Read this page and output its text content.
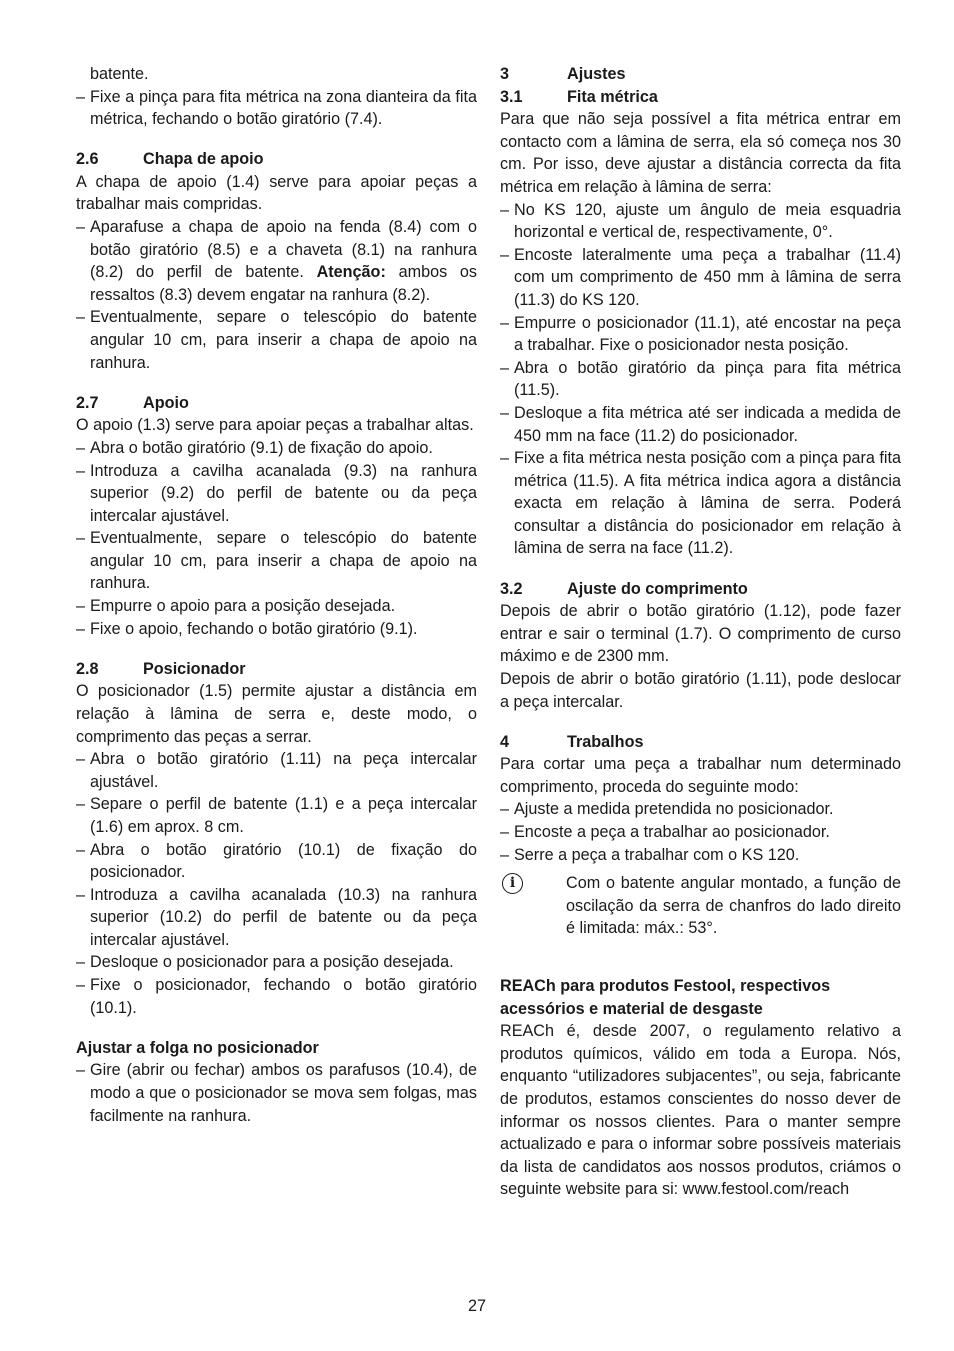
batente.

– Fixe a pinça para fita métrica na zona dianteira da fita métrica, fechando o botão giratório (7.4).
2.6	Chapa de apoio

A chapa de apoio (1.4) serve para apoiar peças a trabalhar mais compridas.

– Aparafuse a chapa de apoio na fenda (8.4) com o botão giratório (8.5) e a chaveta (8.1) na ranhura (8.2) do perfil de batente. Atenção: ambos os ressaltos (8.3) devem engatar na ranhura (8.2).
– Eventualmente, separe o telescópio do batente angular 10 cm, para inserir a chapa de apoio na ranhura.
2.7	Apoio

O apoio (1.3) serve para apoiar peças a trabalhar altas.

– Abra o botão giratório (9.1) de fixação do apoio.
– Introduza a cavilha acanalada (9.3) na ranhura superior (9.2) do perfil de batente ou da peça intercalar ajustável.
– Eventualmente, separe o telescópio do batente angular 10 cm, para inserir a chapa de apoio na ranhura.
– Empurre o apoio para a posição desejada.
– Fixe o apoio, fechando o botão giratório (9.1).
2.8	Posicionador

O posicionador (1.5) permite ajustar a distância em relação à lâmina de serra e, deste modo, o comprimento das peças a serrar.

– Abra o botão giratório (1.11) na peça intercalar ajustável.
– Separe o perfil de batente (1.1) e a peça intercalar (1.6) em aprox. 8 cm.
– Abra o botão giratório (10.1) de fixação do posicionador.
– Introduza a cavilha acanalada (10.3) na ranhura superior (10.2) do perfil de batente ou da peça intercalar ajustável.
– Desloque o posicionador para a posição desejada.
– Fixe o posicionador, fechando o botão giratório (10.1).
Ajustar a folga no posicionador
– Gire (abrir ou fechar) ambos os parafusos (10.4), de modo a que o posicionador se mova sem folgas, mas facilmente na ranhura.
3	Ajustes
3.1	Fita métrica

Para que não seja possível a fita métrica entrar em contacto com a lâmina de serra, ela só começa nos 30 cm. Por isso, deve ajustar a distância correcta da fita métrica em relação à lâmina de serra:

– No KS 120, ajuste um ângulo de meia esquadria horizontal e vertical de, respectivamente, 0°.
– Encoste lateralmente uma peça a trabalhar (11.4) com um comprimento de 450 mm à lâmina de serra (11.3) do KS 120.
– Empurre o posicionador (11.1), até encostar na peça a trabalhar. Fixe o posicionador nesta posição.
– Abra o botão giratório da pinça para fita métrica (11.5).
– Desloque a fita métrica até ser indicada a medida de 450 mm na face (11.2) do posicionador.
– Fixe a fita métrica nesta posição com a pinça para fita métrica (11.5). A fita métrica indica agora a distância exacta em relação à lâmina de serra. Poderá consultar a distância do posicionador em relação à lâmina de serra na face (11.2).
3.2	Ajuste do comprimento

Depois de abrir o botão giratório (1.12), pode fazer entrar e sair o terminal (1.7). O comprimento de curso máximo e de 2300 mm.

Depois de abrir o botão giratório (1.11), pode deslocar a peça intercalar.

4	Trabalhos

Para cortar uma peça a trabalhar num determinado comprimento, proceda do seguinte modo:

– Ajuste a medida pretendida no posicionador.
– Encoste a peça a trabalhar ao posicionador.
– Serre a peça a trabalhar com o KS 120.
i	Com o batente angular montado, a função de oscilação da serra de chanfros do lado direito é limitada: máx.: 53°.
REACh para produtos Festool, respectivos acessórios e material de desgaste

REACh é, desde 2007, o regulamento relativo a produtos químicos, válido em toda a Europa. Nós, enquanto “utilizadores subjacentes”, ou seja, fabricante de produtos, estamos conscientes do nosso dever de informar os nossos clientes. Para o manter sempre actualizado e para o informar sobre possíveis materiais da lista de candidatos aos nossos produtos, criámos o seguinte website para si: www.festool.com/reach

27
